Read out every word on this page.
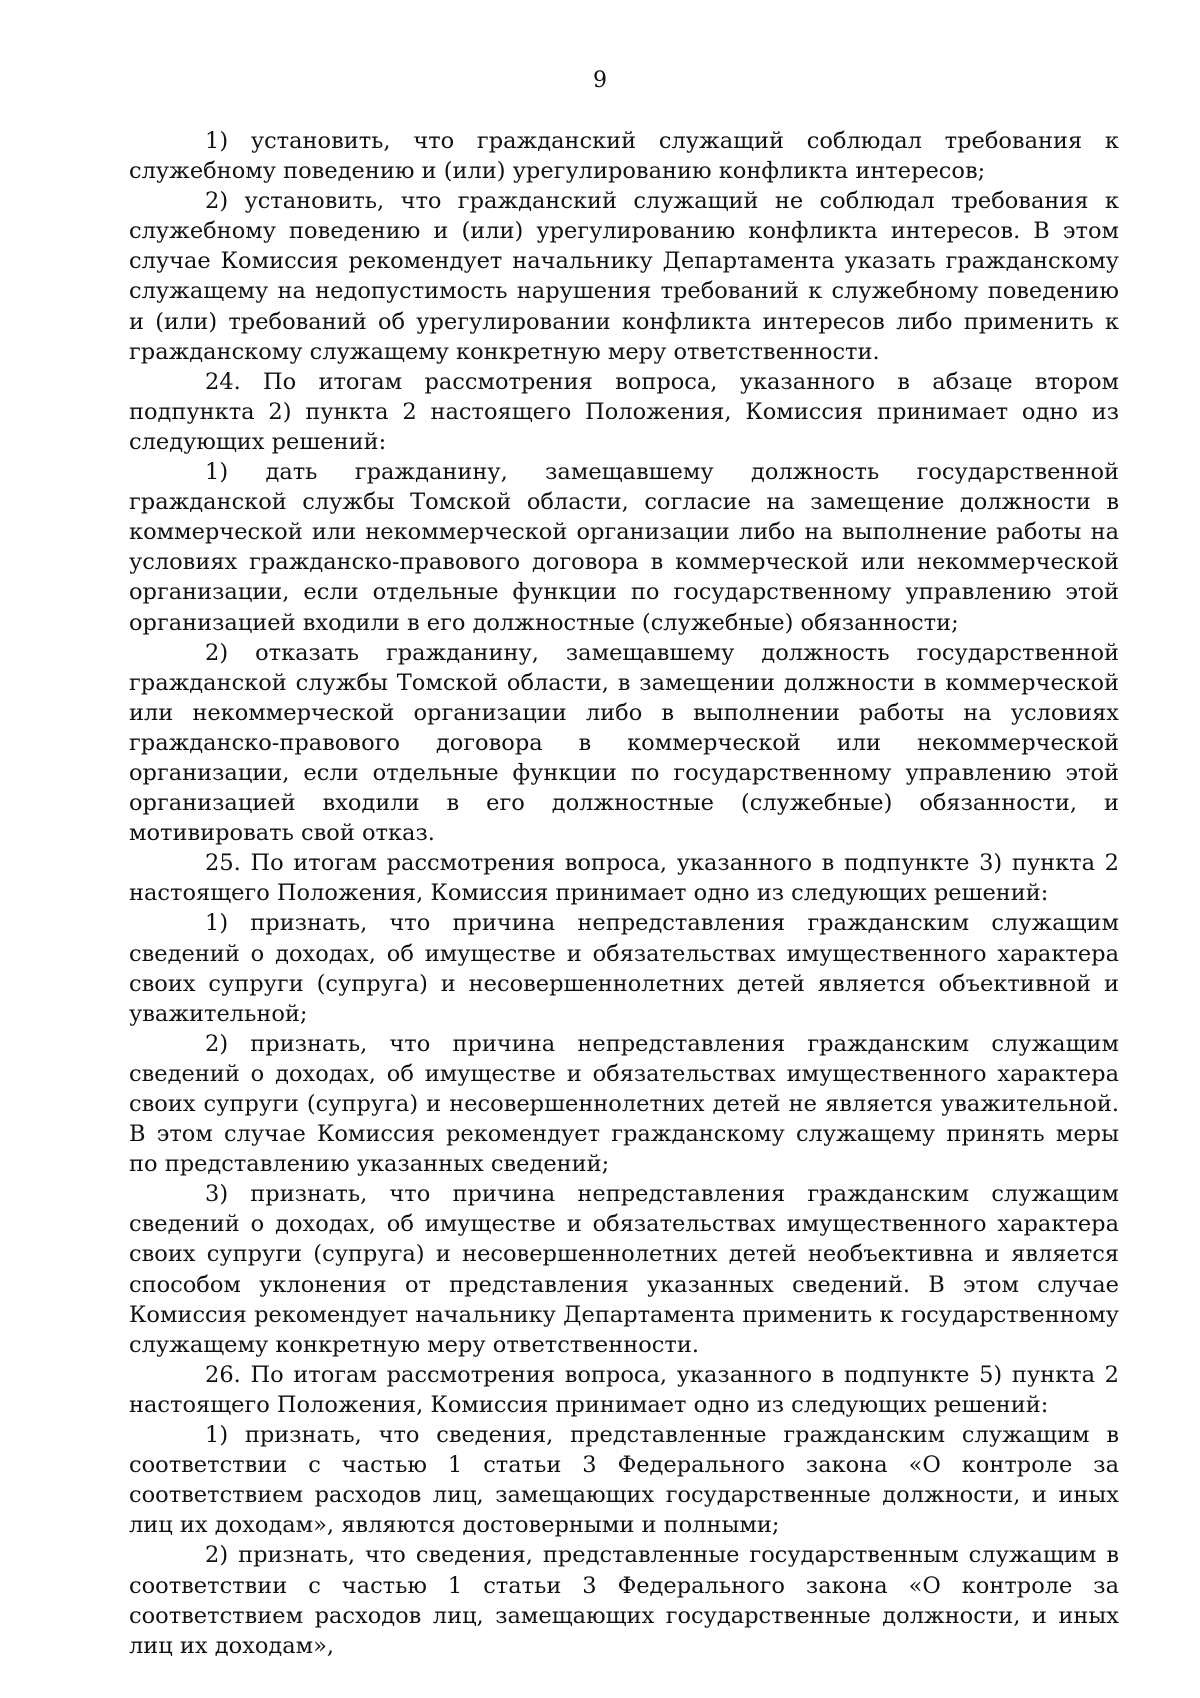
9

1) установить, что гражданский служащий соблюдал требования к служебному поведению и (или) урегулированию конфликта интересов;

2) установить, что гражданский служащий не соблюдал требования к служебному поведению и (или) урегулированию конфликта интересов. В этом случае Комиссия рекомендует начальнику Департамента указать гражданскому служащему на недопустимость нарушения требований к служебному поведению и (или) требований об урегулировании конфликта интересов либо применить к гражданскому служащему конкретную меру ответственности.

24. По итогам рассмотрения вопроса, указанного в абзаце втором подпункта 2) пункта 2 настоящего Положения, Комиссия принимает одно из следующих решений:

1) дать гражданину, замещавшему должность государственной гражданской службы Томской области, согласие на замещение должности в коммерческой или некоммерческой организации либо на выполнение работы на условиях гражданско-правового договора в коммерческой или некоммерческой организации, если отдельные функции по государственному управлению этой организацией входили в его должностные (служебные) обязанности;

2) отказать гражданину, замещавшему должность государственной гражданской службы Томской области, в замещении должности в коммерческой или некоммерческой организации либо в выполнении работы на условиях гражданско-правового договора в коммерческой или некоммерческой организации, если отдельные функции по государственному управлению этой организацией входили в его должностные (служебные) обязанности, и мотивировать свой отказ.

25. По итогам рассмотрения вопроса, указанного в подпункте 3) пункта 2 настоящего Положения, Комиссия принимает одно из следующих решений:

1) признать, что причина непредставления гражданским служащим сведений о доходах, об имуществе и обязательствах имущественного характера своих супруги (супруга) и несовершеннолетних детей является объективной и уважительной;

2) признать, что причина непредставления гражданским служащим сведений о доходах, об имуществе и обязательствах имущественного характера своих супруги (супруга) и несовершеннолетних детей не является уважительной. В этом случае Комиссия рекомендует гражданскому служащему принять меры по представлению указанных сведений;

3) признать, что причина непредставления гражданским служащим сведений о доходах, об имуществе и обязательствах имущественного характера своих супруги (супруга) и несовершеннолетних детей необъективна и является способом уклонения от представления указанных сведений. В этом случае Комиссия рекомендует начальнику Департамента применить к государственному служащему конкретную меру ответственности.

26. По итогам рассмотрения вопроса, указанного в подпункте 5) пункта 2 настоящего Положения, Комиссия принимает одно из следующих решений:

1) признать, что сведения, представленные гражданским служащим в соответствии с частью 1 статьи 3 Федерального закона «О контроле за соответствием расходов лиц, замещающих государственные должности, и иных лиц их доходам», являются достоверными и полными;

2) признать, что сведения, представленные государственным служащим в соответствии с частью 1 статьи 3 Федерального закона «О контроле за соответствием расходов лиц, замещающих государственные должности, и иных лиц их доходам»,
